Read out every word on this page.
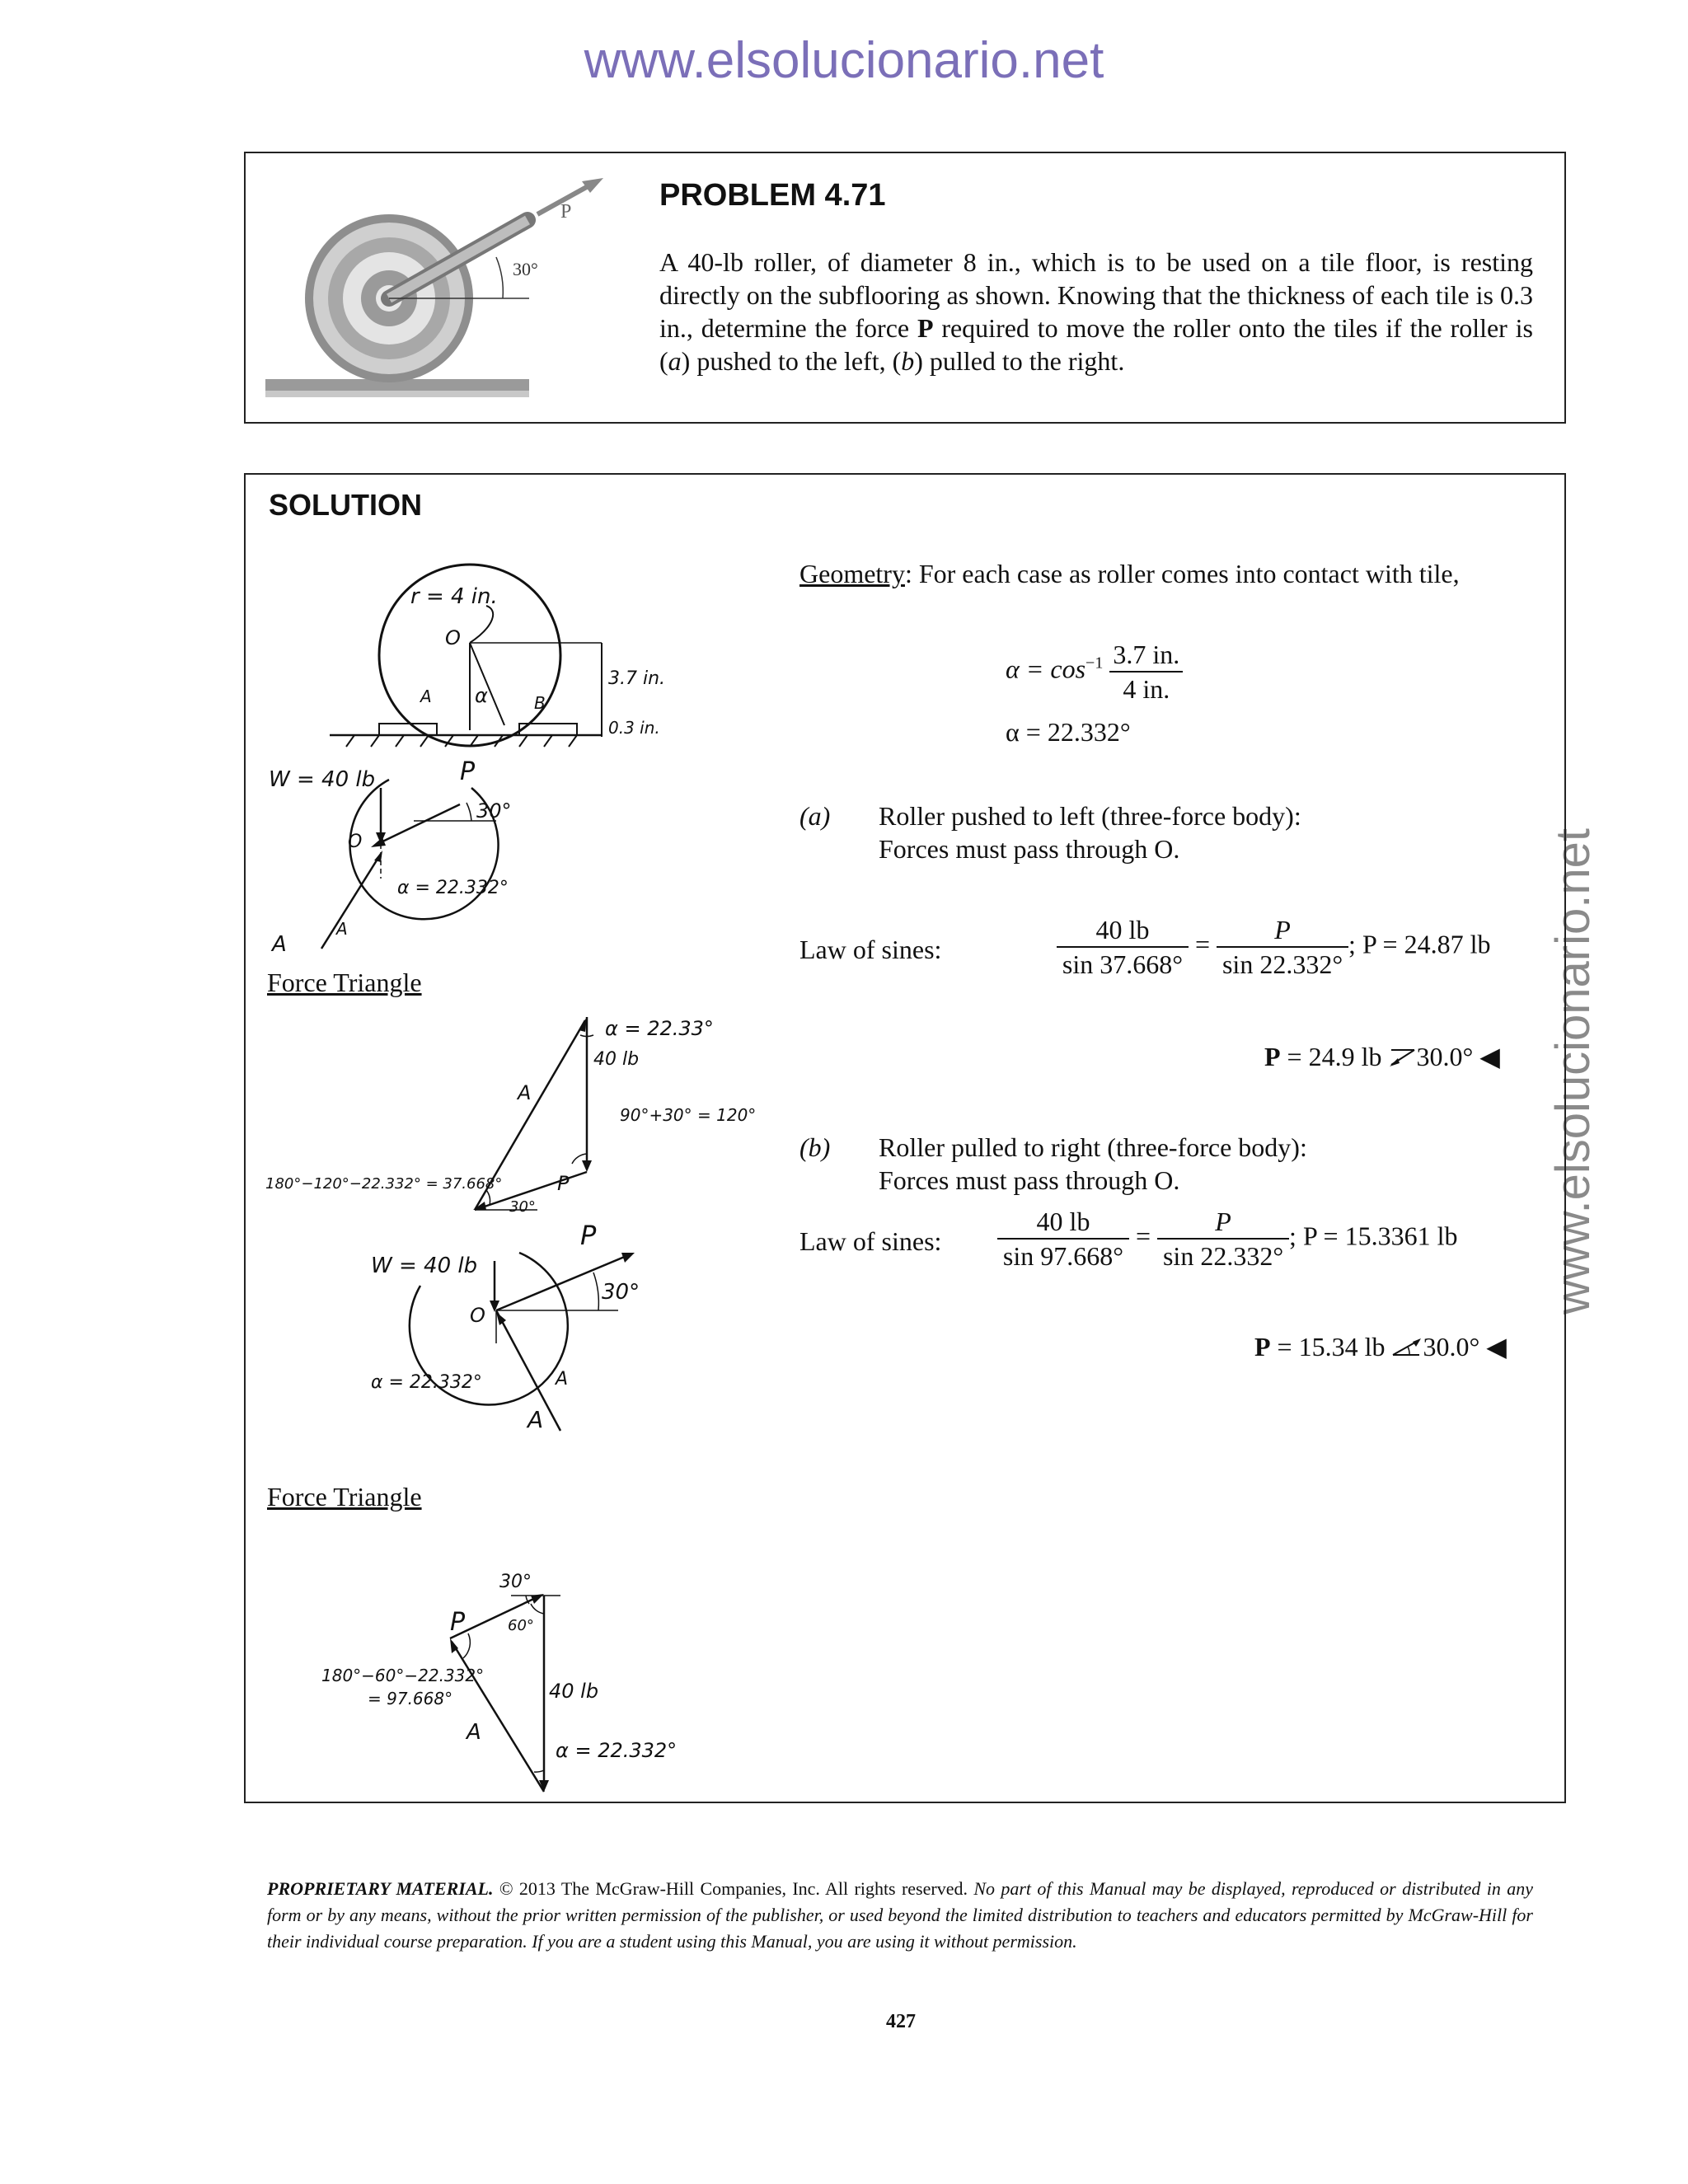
www.elsolucionario.net
www.elsolucionario.net
P
30°
PROBLEM 4.71
A 40-lb roller, of diameter 8 in., which is to be used on a tile floor, is resting directly on the subflooring as shown. Knowing that the thickness of each tile is 0.3 in., determine the force P required to move the roller onto the tiles if the roller is (a) pushed to the left, (b) pulled to the right.
SOLUTION
Geometry: For each case as roller comes into contact with tile,
$\alpha = \cos^{-1} \frac{3.7 in.}{4 in.}$
α = 22.332°
(a) Roller pushed to left (three-force body):
Forces must pass through O.
Law of sines:	$\frac{40 lb}{\sin 37.668^\circ} = \frac{P}{\sin 22.332^\circ}$ ; P = 24.87 lb
P = 24.9 lb 30.0° ◀
(b) Roller pulled to right (three-force body):
Forces must pass through O.
Law of sines: $\frac{40 lb}{\sin 97.668^\circ} = \frac{P}{\sin 22.332^\circ}$ ; P = 15.3361 lb
P = 15.34 lb 30.0° ◀
Force Triangle
Force Triangle
r = 4 in.
O
A	B
α
3.7 in.
0.3 in.
W = 40 lb	P
30°
O
α = 22.332°
A
A
α = 22.33°
40 lb
A
90°+30° = 120°
180°−120°−22.332° = 37.668°
30°
P
W = 40 lb
P
30°
O
α = 22.332°	A
A
P
30°
60°
180°−60°−22.332°
= 97.668°	40 lb
A
α = 22.332°
PROPRIETARY MATERIAL. © 2013 The McGraw-Hill Companies, Inc. All rights reserved. No part of this Manual may be displayed, reproduced or distributed in any form or by any means, without the prior written permission of the publisher, or used beyond the limited distribution to teachers and educators permitted by McGraw-Hill for their individual course preparation. If you are a student using this Manual, you are using it without permission.
427
